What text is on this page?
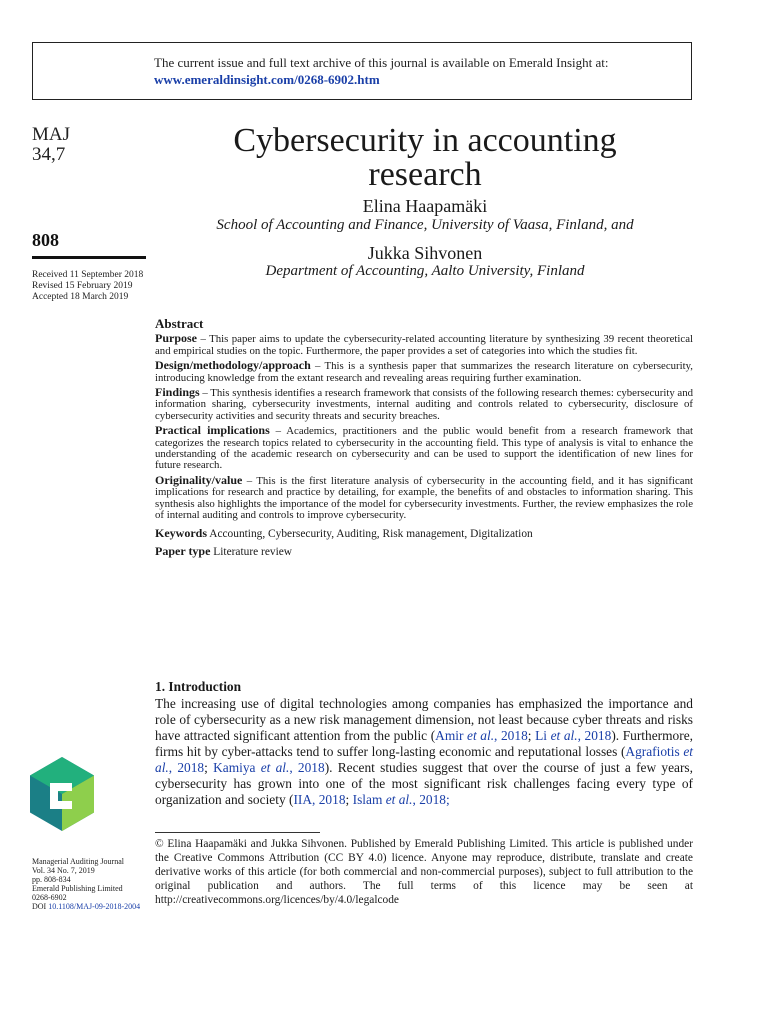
The current issue and full text archive of this journal is available on Emerald Insight at:
www.emeraldinsight.com/0268-6902.htm
MAJ
34,7
808
Received 11 September 2018
Revised 15 February 2019
Accepted 18 March 2019
Cybersecurity in accounting
research
Elina Haapamäki
School of Accounting and Finance, University of Vaasa, Finland, and
Jukka Sihvonen
Department of Accounting, Aalto University, Finland
Abstract

Purpose – This paper aims to update the cybersecurity-related accounting literature by synthesizing 39 recent theoretical and empirical studies on the topic. Furthermore, the paper provides a set of categories into which the studies fit.

Design/methodology/approach – This is a synthesis paper that summarizes the research literature on cybersecurity, introducing knowledge from the extant research and revealing areas requiring further examination.

Findings – This synthesis identifies a research framework that consists of the following research themes: cybersecurity and information sharing, cybersecurity investments, internal auditing and controls related to cybersecurity, disclosure of cybersecurity activities and security threats and security breaches.

Practical implications – Academics, practitioners and the public would benefit from a research framework that categorizes the research topics related to cybersecurity in the accounting field. This type of analysis is vital to enhance the understanding of the academic research on cybersecurity and can be used to support the identification of new lines for future research.

Originality/value – This is the first literature analysis of cybersecurity in the accounting field, and it has significant implications for research and practice by detailing, for example, the benefits of and obstacles to information sharing. This synthesis also highlights the importance of the model for cybersecurity investments. Further, the review emphasizes the role of internal auditing and controls to improve cybersecurity.

Keywords Accounting, Cybersecurity, Auditing, Risk management, Digitalization

Paper type Literature review

1. Introduction

The increasing use of digital technologies among companies has emphasized the importance and role of cybersecurity as a new risk management dimension, not least because cyber threats and risks have attracted significant attention from the public (Amir et al., 2018; Li et al., 2018). Furthermore, firms hit by cyber-attacks tend to suffer long-lasting economic and reputational losses (Agrafiotis et al., 2018; Kamiya et al., 2018). Recent studies suggest that over the course of just a few years, cybersecurity has grown into one of the most significant risk challenges facing every type of organization and society (IIA, 2018; Islam et al., 2018;

Managerial Auditing Journal
Vol. 34 No. 7, 2019
pp. 808-834
Emerald Publishing Limited
0268-6902
DOI 10.1108/MAJ-09-2018-2004
© Elina Haapamäki and Jukka Sihvonen. Published by Emerald Publishing Limited. This article is published under the Creative Commons Attribution (CC BY 4.0) licence. Anyone may reproduce, distribute, translate and create derivative works of this article (for both commercial and non-commercial purposes), subject to full attribution to the original publication and authors. The full terms of this licence may be seen at http://creativecommons.org/licences/by/4.0/legalcode
